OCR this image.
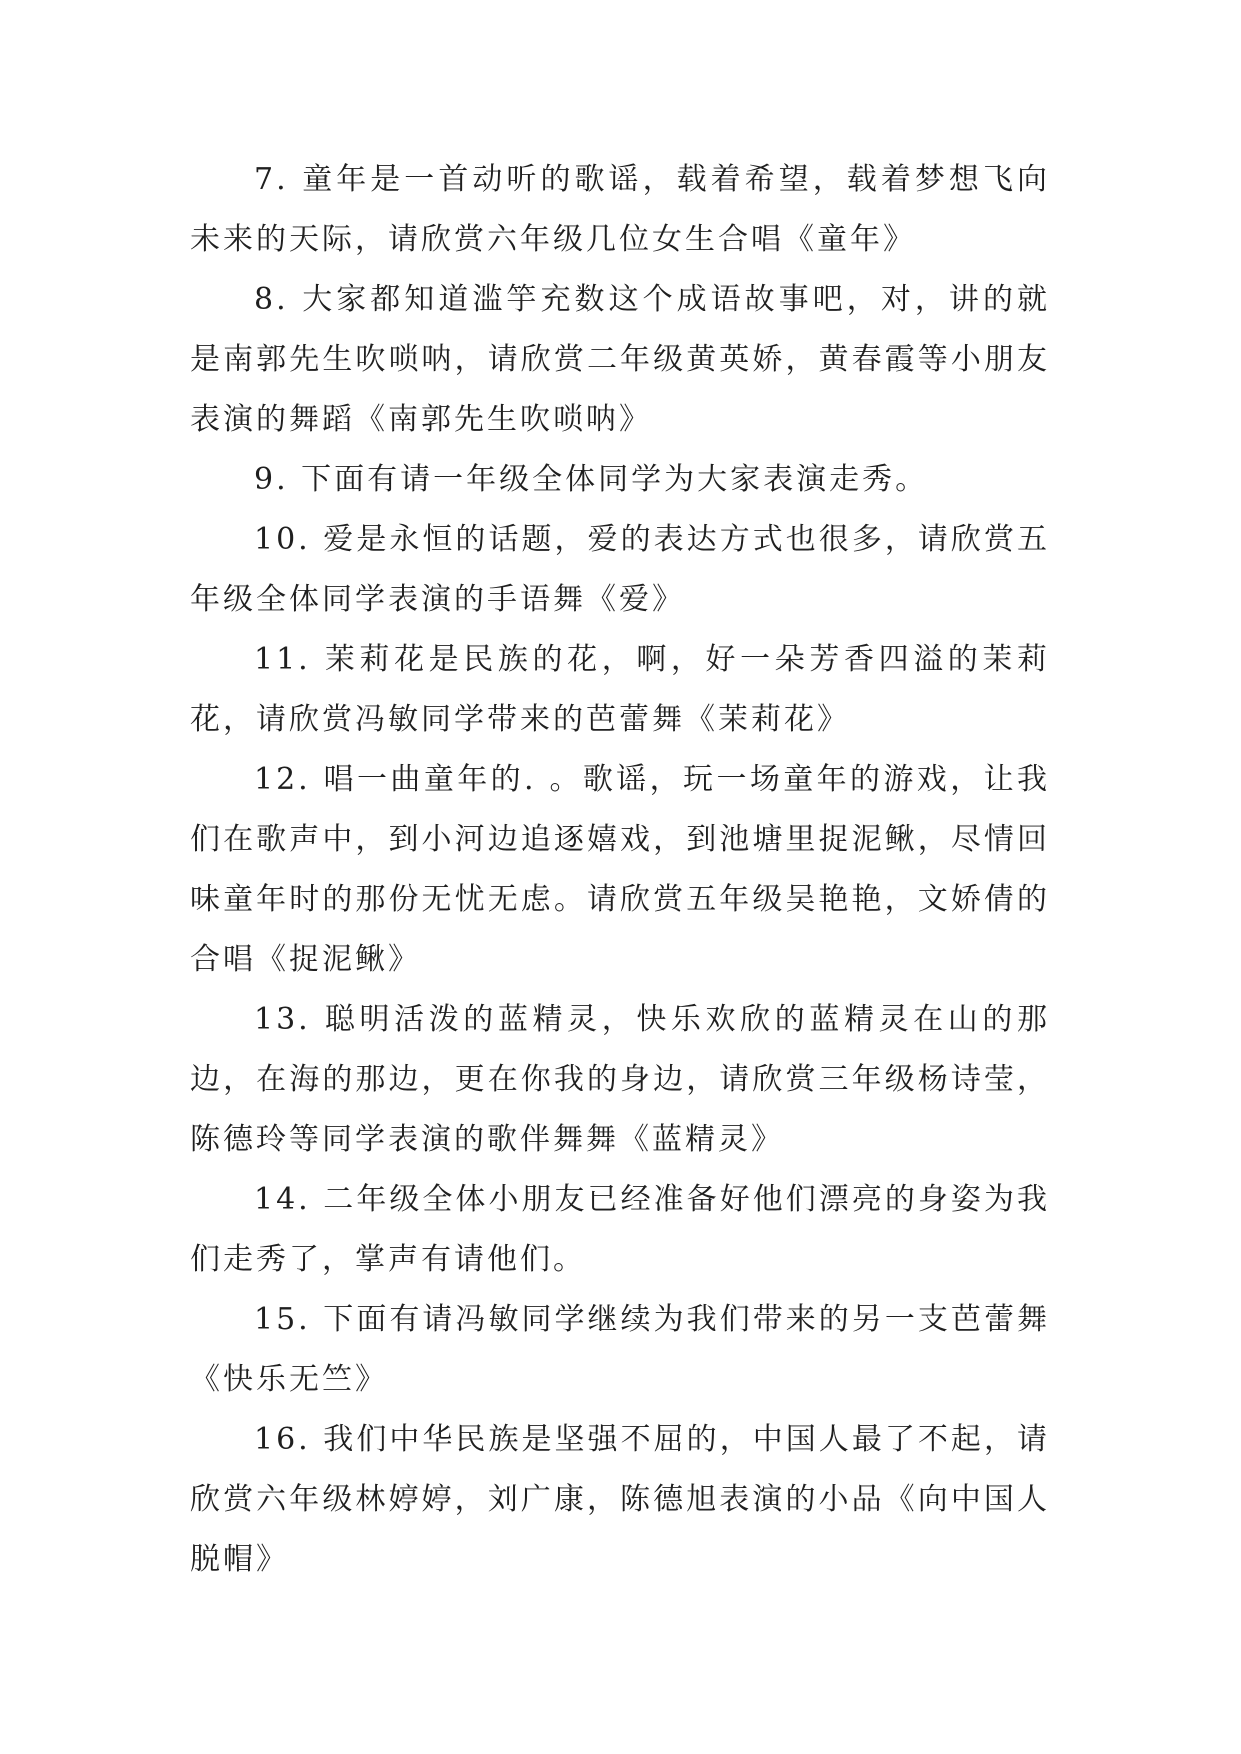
7. 童年是一首动听的歌谣，载着希望，载着梦想飞向未来的天际，请欣赏六年级几位女生合唱《童年》

8. 大家都知道滥竽充数这个成语故事吧，对，讲的就是南郭先生吹唢呐，请欣赏二年级黄英娇，黄春霞等小朋友表演的舞蹈《南郭先生吹唢呐》

9. 下面有请一年级全体同学为大家表演走秀。

10. 爱是永恒的话题，爱的表达方式也很多，请欣赏五年级全体同学表演的手语舞《爱》

11. 茉莉花是民族的花，啊，好一朵芳香四溢的茉莉花，请欣赏冯敏同学带来的芭蕾舞《茉莉花》

12. 唱一曲童年的. 。歌谣，玩一场童年的游戏，让我们在歌声中，到小河边追逐嬉戏，到池塘里捉泥鳅，尽情回味童年时的那份无忧无虑。请欣赏五年级吴艳艳，文娇倩的合唱《捉泥鳅》

13. 聪明活泼的蓝精灵，快乐欢欣的蓝精灵在山的那边，在海的那边，更在你我的身边，请欣赏三年级杨诗莹，陈德玲等同学表演的歌伴舞舞《蓝精灵》

14. 二年级全体小朋友已经准备好他们漂亮的身姿为我们走秀了，掌声有请他们。

15. 下面有请冯敏同学继续为我们带来的另一支芭蕾舞《快乐无竺》

16. 我们中华民族是坚强不屈的，中国人最了不起，请欣赏六年级林婷婷，刘广康，陈德旭表演的小品《向中国人脱帽》
